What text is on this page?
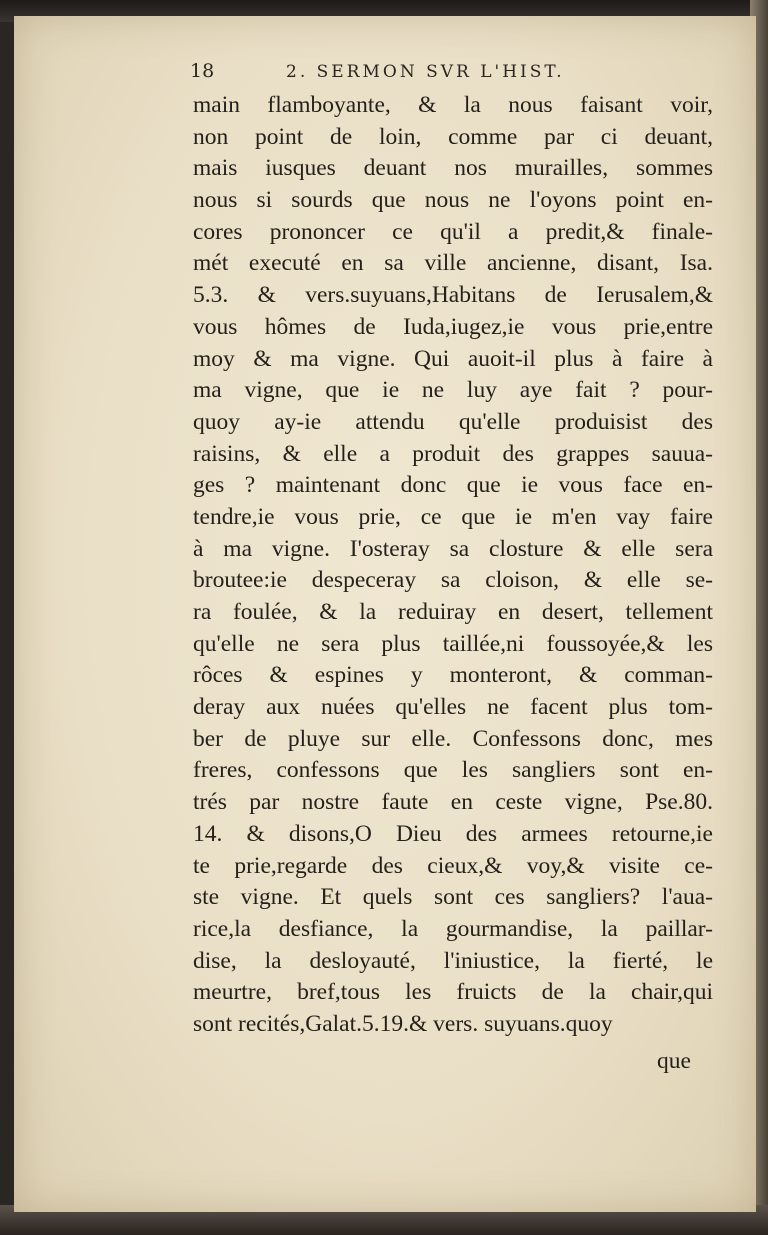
18	2. SERMON SVR L'HIST.
main flamboyante, & la nous faisant voir,
non point de loin, comme par ci deuant,
mais iusques deuant nos murailles, sommes
nous si sourds que nous ne l'oyons point en-
cores prononcer ce qu'il a predit,& finale-
mét executé en sa ville ancienne, disant, Isa.
5.3. & vers.suyuans,Habitans de Ierusalem,&
vous hômes de Iuda,iugez,ie vous prie,entre
moy & ma vigne. Qui auoit-il plus à faire à
ma vigne, que ie ne luy aye fait ? pour-
quoy ay-ie attendu qu'elle produisist des
raisins, & elle a produit des grappes sauua-
ges ? maintenant donc que ie vous face en-
tendre,ie vous prie, ce que ie m'en vay faire
à ma vigne. I'osteray sa closture & elle sera
broutee:ie despeceray sa cloison, & elle se-
ra foulée, & la reduiray en desert, tellement
qu'elle ne sera plus taillée,ni foussoyée,& les
rôces & espines y monteront, & comman-
deray aux nuées qu'elles ne facent plus tom-
ber de pluye sur elle. Confessons donc, mes
freres, confessons que les sangliers sont en-
trés par nostre faute en ceste vigne, Pse.80.
14. & disons,O Dieu des armees retourne,ie
te prie,regarde des cieux,& voy,& visite ce-
ste vigne. Et quels sont ces sangliers? l'aua-
rice,la desfiance, la gourmandise, la paillar-
dise, la desloyauté, l'iniustice, la fierté, le
meurtre, bref,tous les fruicts de la chair,qui
sont recités,Galat.5.19.& vers. suyuans.quoy
que
